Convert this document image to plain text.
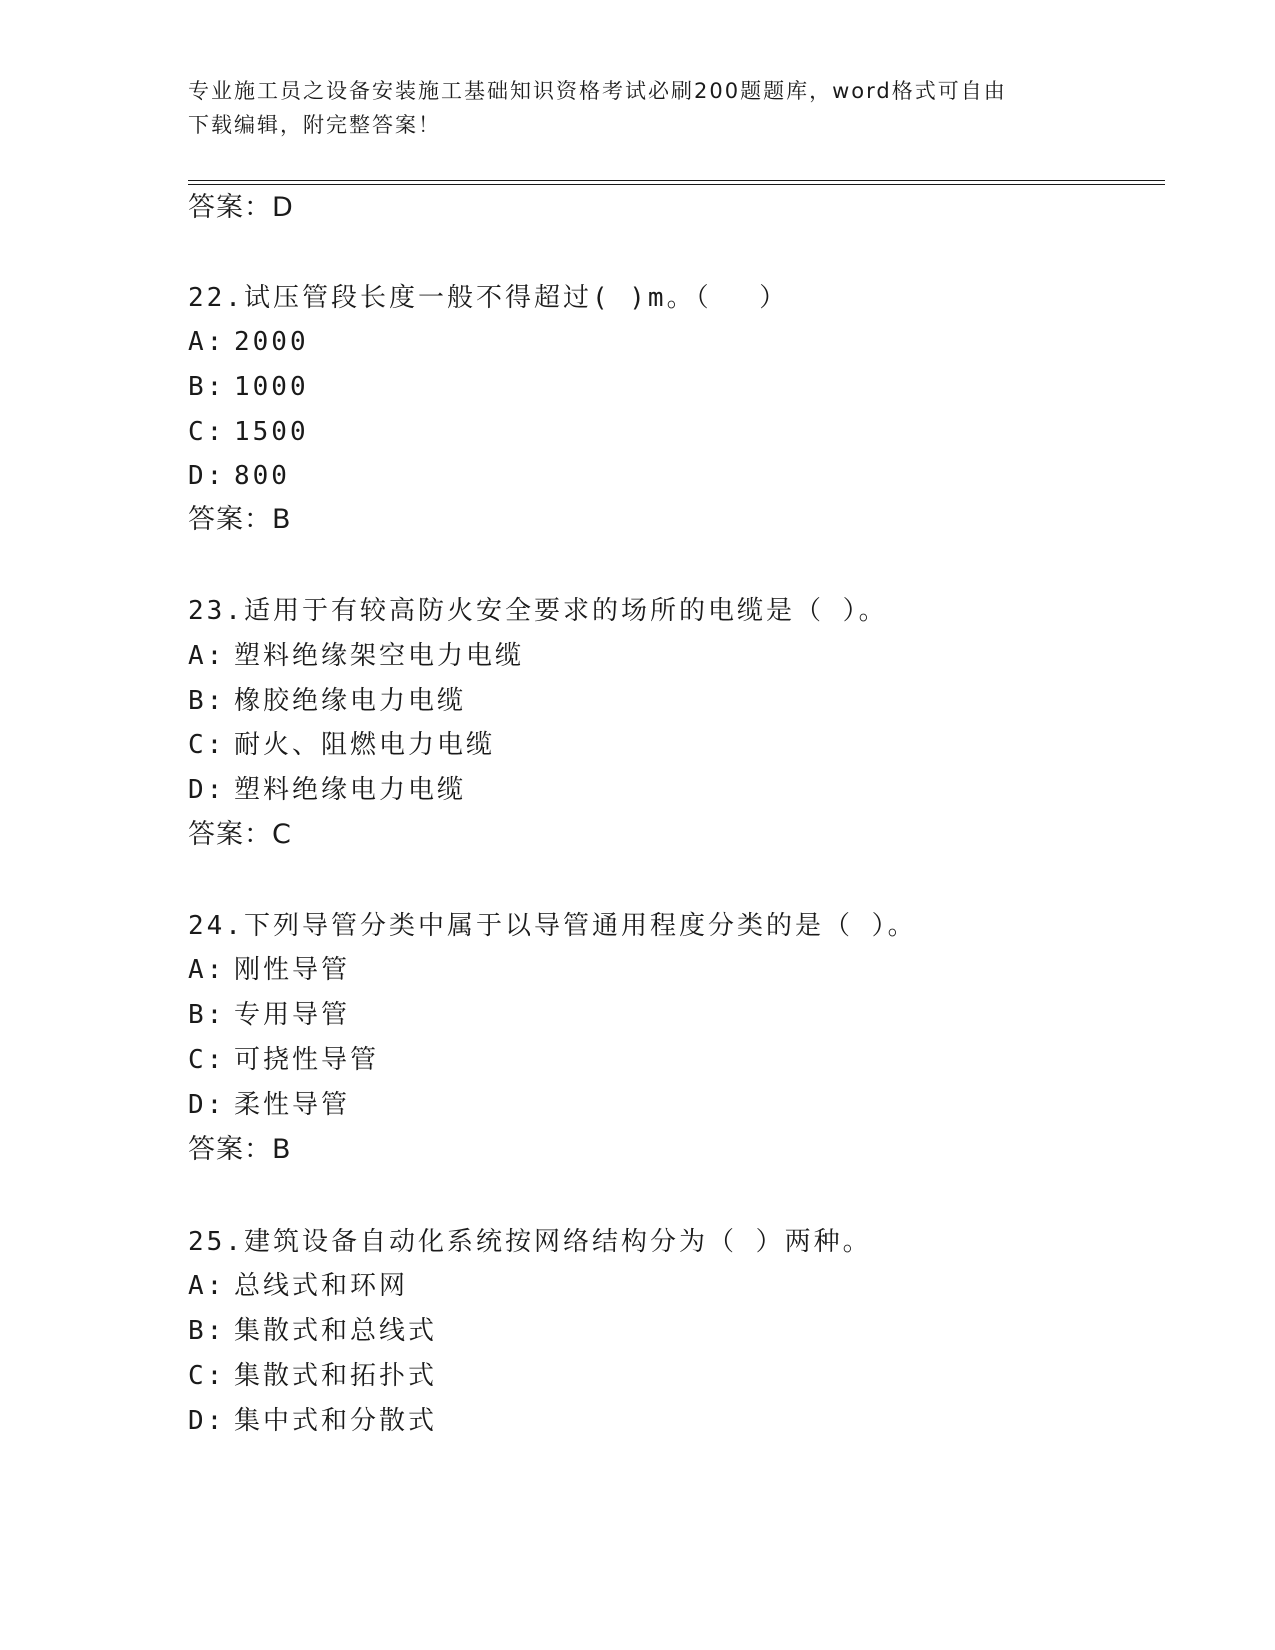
专业施工员之设备安装施工基础知识资格考试必刷200题题库，word格式可自由
下载编辑，附完整答案！
答案：D
22.试压管段长度一般不得超过( )m。（　 ）
A: 2000
B: 1000
C: 1500
D: 800
答案：B
23.适用于有较高防火安全要求的场所的电缆是（ ）。
A: 塑料绝缘架空电力电缆
B: 橡胶绝缘电力电缆
C: 耐火、阻燃电力电缆
D: 塑料绝缘电力电缆
答案：C
24.下列导管分类中属于以导管通用程度分类的是（ ）。
A: 刚性导管
B: 专用导管
C: 可挠性导管
D: 柔性导管
答案：B
25.建筑设备自动化系统按网络结构分为（ ）两种。
A: 总线式和环网
B: 集散式和总线式
C: 集散式和拓扑式
D: 集中式和分散式
